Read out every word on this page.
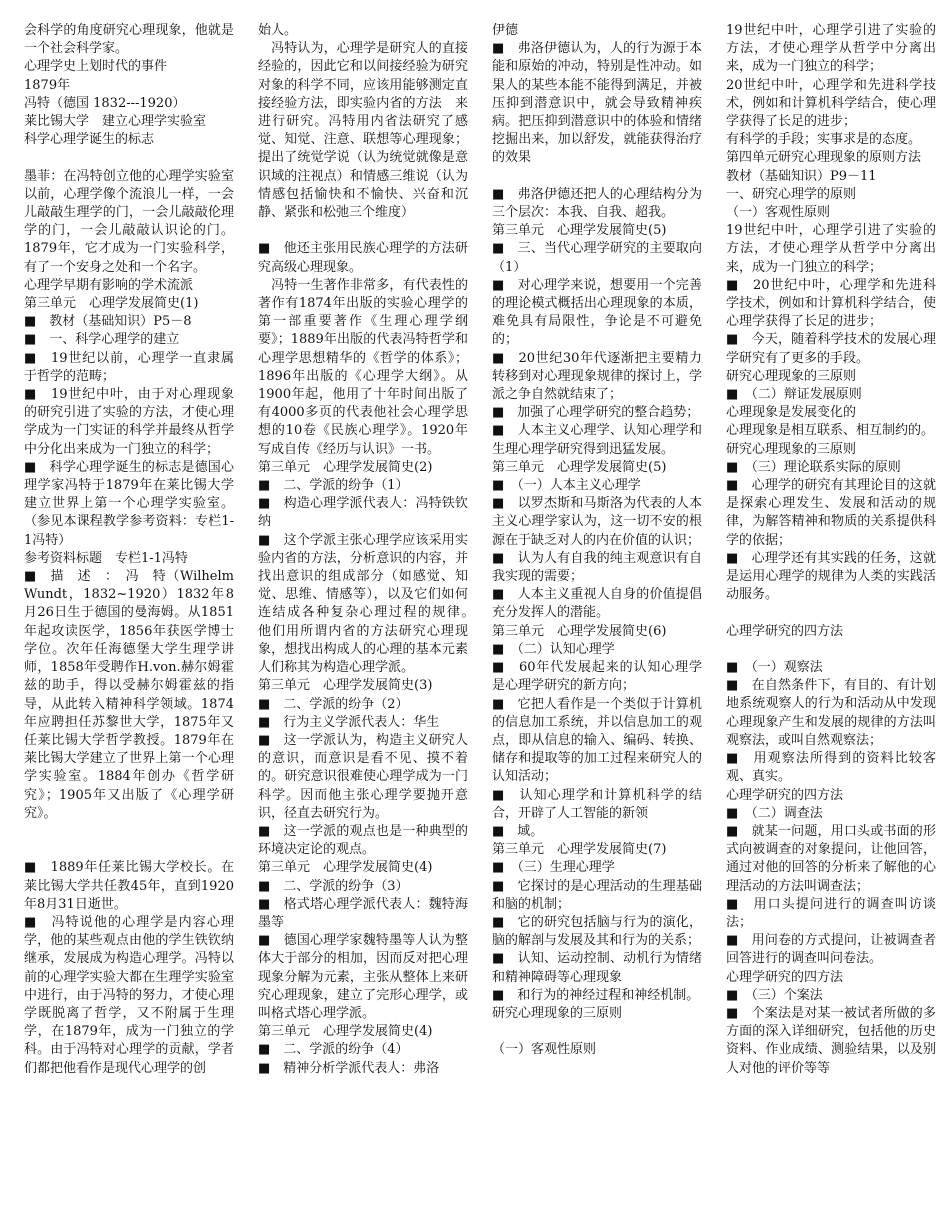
会科学的角度研究心理现象，他就是一个社会科学家。

心理学史上划时代的事件

1879年

冯特（德国 1832---1920）

莱比锡大学　建立心理学实验室

科学心理学诞生的标志

墨菲：在冯特创立他的心理学实验室以前，心理学像个流浪儿一样，一会儿敲敲生理学的门，一会儿敲敲伦理学的门，一会儿敲敲认识论的门。1879年，它才成为一门实验科学，有了一个安身之处和一个名字。

心理学早期有影响的学术流派

第三单元　心理学发展简史(1)

■　教材（基础知识）P5－8

■　一、科学心理学的建立

■　19世纪以前，心理学一直隶属于哲学的范畴；

■　19世纪中叶，由于对心理现象的研究引进了实验的方法，才使心理学成为一门实证的科学并最终从哲学中分化出来成为一门独立的科学；

■　科学心理学诞生的标志是德国心理学家冯特于1879年在莱比锡大学建立世界上第一个心理学实验室。（参见本课程教学参考资料：专栏1-1冯特）

参考资料标题　专栏1-1冯特

■　描　述　：　冯　特（Wilhelm Wundt，1832~1920）1832年8月26日生于德国的曼海姆。从1851年起攻读医学，1856年获医学博士学位。次年任海德堡大学生理学讲师，1858年受聘作H.von.赫尔姆霍兹的助手，得以受赫尔姆霍兹的指导，从此转入精神科学领域。1874年应聘担任苏黎世大学，1875年又任莱比锡大学哲学教授。1879年在莱比锡大学建立了世界上第一个心理学实验室。1884年创办《哲学研究》；1905年又出版了《心理学研究》。

■　1889年任莱比锡大学校长。在莱比锡大学共任教45年，直到1920年8月31日逝世。

■　冯特说他的心理学是内容心理学，他的某些观点由他的学生铁钦纳继承，发展成为构造心理学。冯特以前的心理学实验大都在生理学实验室中进行，由于冯特的努力，才使心理学既脱离了哲学，又不附属于生理学，在1879年，成为一门独立的学科。由于冯特对心理学的贡献，学者们都把他看作是现代心理学的创

始人。

　冯特认为，心理学是研究人的直接经验的，因此它和以间接经验为研究对象的科学不同，应该用能够测定直接经验方法，即实验内省的方法　来进行研究。冯特用内省法研究了感觉、知觉、注意、联想等心理现象；提出了统觉学说（认为统觉就像是意识域的注视点）和情感三维说（认为情感包括愉快和不愉快、兴奋和沉静、紧张和松弛三个维度）

■　他还主张用民族心理学的方法研究高级心理现象。

　冯特一生著作非常多，有代表性的著作有1874年出版的实验心理学的第一部重要著作《生理心理学纲要》；1889年出版的代表冯特哲学和心理学思想精华的《哲学的体系》；1896年出版的《心理学大纲》。从1900年起，他用了十年时间出版了有4000多页的代表他社会心理学思想的10卷《民族心理学》。1920年写成自传《经历与认识》一书。

第三单元　心理学发展简史(2)

■　二、学派的纷争（1）

■　构造心理学派代表人：冯特铁钦纳

■　这个学派主张心理学应该采用实验内省的方法，分析意识的内容，并找出意识的组成部分（如感觉、知觉、思维、情感等），以及它们如何连结成各种复杂心理过程的规律。　他们用所谓内省的方法研究心理现象，想找出构成人的心理的基本元素人们称其为构造心理学派。

第三单元　心理学发展简史(3)

■　二、学派的纷争（2）

■　行为主义学派代表人：华生

■　这一学派认为，构造主义研究人的意识，而意识是看不见、摸不着的。研究意识很难使心理学成为一门科学。因而他主张心理学要抛开意识，径直去研究行为。

■　这一学派的观点也是一种典型的环境决定论的观点。

第三单元　心理学发展简史(4)

■　二、学派的纷争（3）

■　格式塔心理学派代表人：魏特海墨等

■　德国心理学家魏特墨等人认为整体大于部分的相加，因而反对把心理现象分解为元素，主张从整体上来研究心理现象，建立了完形心理学，或叫格式塔心理学派。

第三单元　心理学发展简史(4)

■　二、学派的纷争（4）

■　精神分析学派代表人：弗洛

伊德

■　弗洛伊德认为，人的行为源于本能和原始的冲动，特别是性冲动。如果人的某些本能不能得到满足，并被压抑到潜意识中，就会导致精神疾病。把压抑到潜意识中的体验和情绪挖掘出来，加以舒发，就能获得治疗的效果

■　弗洛伊德还把人的心理结构分为三个层次：本我、自我、超我。

第三单元　心理学发展简史(5)

■　三、当代心理学研究的主要取向（1）

■　对心理学来说，想要用一个完善的理论模式概括出心理现象的本质，难免具有局限性，争论是不可避免的；

■　20世纪30年代逐渐把主要精力转移到对心理现象规律的探讨上，学派之争自然就结束了；

■　加强了心理学研究的整合趋势；

■　人本主义心理学、认知心理学和生理心理学研究得到迅猛发展。

第三单元　心理学发展简史(5)

■　（一）人本主义心理学

■　以罗杰斯和马斯洛为代表的人本主义心理学家认为，这一切不安的根源在于缺乏对人的内在价值的认识；

■　认为人有自我的纯主观意识有自我实现的需要；

■　人本主义重视人自身的价值提倡充分发挥人的潜能。

第三单元　心理学发展简史(6)

■　（二）认知心理学

■　60年代发展起来的认知心理学是心理学研究的新方向；

■　它把人看作是一个类似于计算机的信息加工系统，并以信息加工的观点，即从信息的输入、编码、转换、储存和提取等的加工过程来研究人的认知活动；

■　认知心理学和计算机科学的结合，开辟了人工智能的新领

■　域。

第三单元　心理学发展简史(7)

■　（三）生理心理学

■　它探讨的是心理活动的生理基础和脑的机制；

■　它的研究包括脑与行为的演化，脑的解剖与发展及其和行为的关系；

■　认知、运动控制、动机行为情绪和精神障碍等心理现象

■　和行为的神经过程和神经机制。

研究心理现象的三原则

（一）客观性原则

19世纪中叶，心理学引进了实验的方法，才使心理学从哲学中分离出来，成为一门独立的科学；

20世纪中叶，心理学和先进科学技术，例如和计算机科学结合，使心理学获得了长足的进步；

有科学的手段；实事求是的态度。

第四单元研究心理现象的原则方法

教材（基础知识）P9－11

一、研究心理学的原则

（一）客观性原则

19世纪中叶，心理学引进了实验的方法，才使心理学从哲学中分离出来，成为一门独立的科学；

■　20世纪中叶，心理学和先进科学技术，例如和计算机科学结合，使心理学获得了长足的进步；

■　今天，随着科学技术的发展心理学研究有了更多的手段。

研究心理现象的三原则

■　（二）辩证发展原则

心理现象是发展变化的

心理现象是相互联系、相互制约的。

研究心理现象的三原则

■　（三）理论联系实际的原则

■　心理学的研究有其理论目的这就是探索心理发生、发展和活动的规律，为解答精神和物质的关系提供科学的依据；

■　心理学还有其实践的任务，这就是运用心理学的规律为人类的实践活动服务。

心理学研究的四方法

■　（一）观察法

■　在自然条件下，有目的、有计划地系统观察人的行为和活动从中发现心理现象产生和发展的规律的方法叫观察法，或叫自然观察法；

■　用观察法所得到的资料比较客观、真实。

心理学研究的四方法

■　（二）调查法

■　就某一问题，用口头或书面的形式向被调查的对象提问，让他回答，通过对他的回答的分析来了解他的心理活动的方法叫调查法；

■　用口头提问进行的调查叫访谈法；

■　用问卷的方式提问，让被调查者回答进行的调查叫问卷法。

心理学研究的四方法

■　（三）个案法

■　个案法是对某一被试者所做的多方面的深入详细研究，包括他的历史资料、作业成绩、测验结果，以及别人对他的评价等等
